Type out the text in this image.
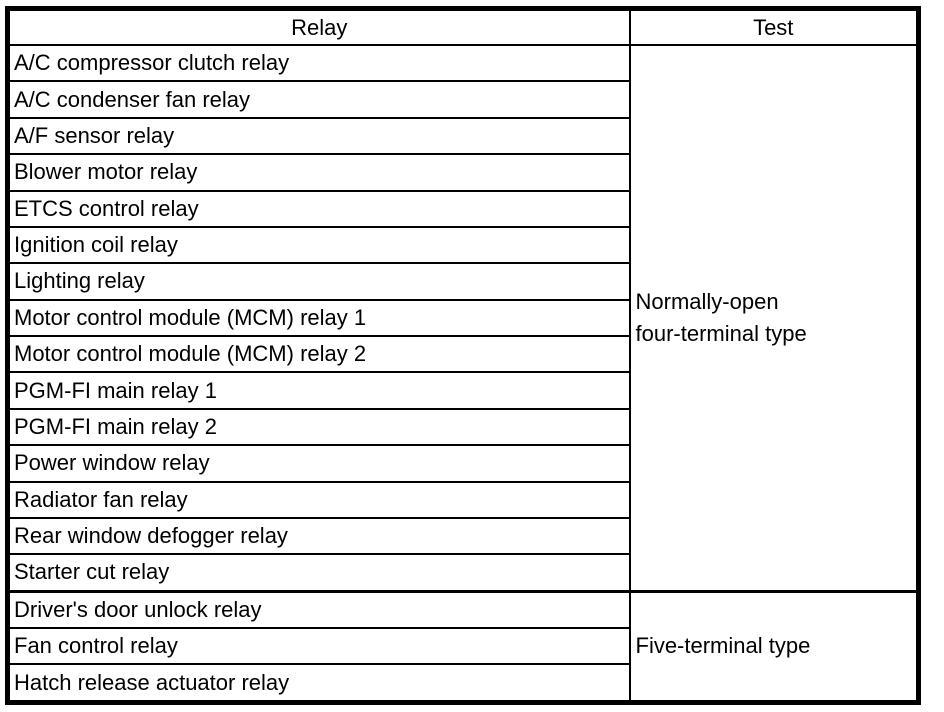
Relay	Test
A/C compressor clutch relay	Normally-open
four-terminal type

A/C condenser fan relay	
A/F sensor relay	
Blower motor relay	
ETCS control relay	
Ignition coil relay	
Lighting relay	
Motor control module (MCM) relay 1	
Motor control module (MCM) relay 2	
PGM-FI main relay 1	
PGM-FI main relay 2	
Power window relay	
Radiator fan relay	
Rear window defogger relay	
Starter cut relay	
Driver's door unlock relay	Five-terminal type

Fan control relay	
Hatch release actuator relay	
